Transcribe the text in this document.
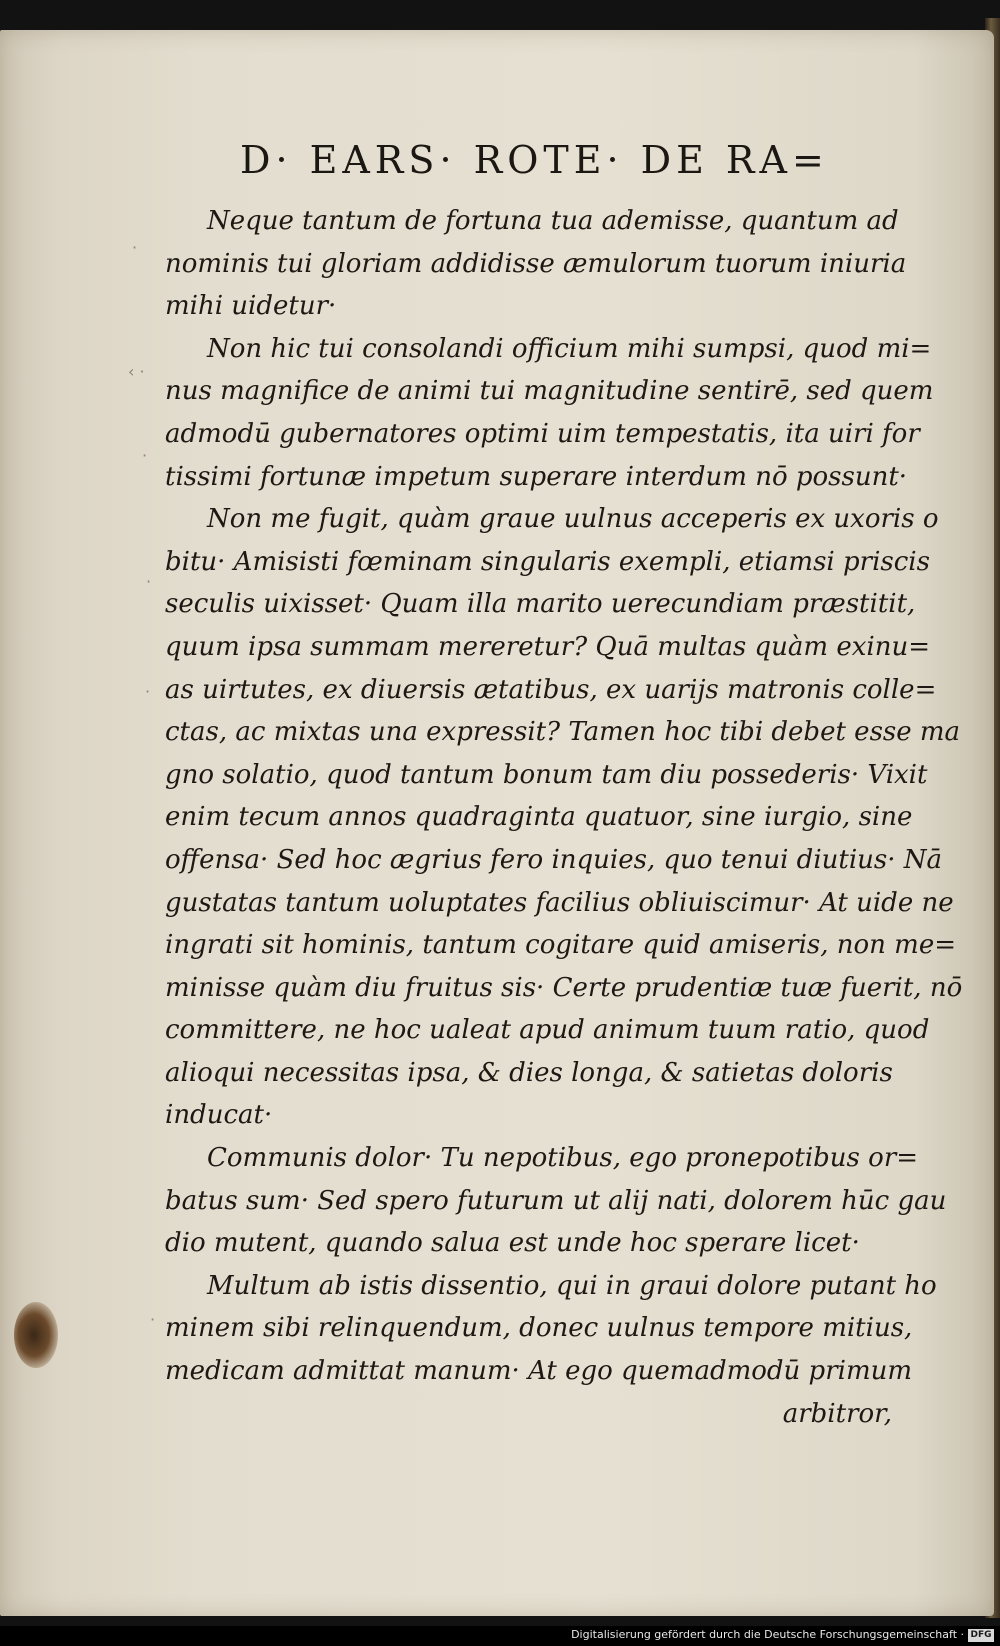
·
‹ ·
·
·
·
·
D· EARS· ROTE· DE RA=
Neque tantum de fortuna tua ademisse, quantum ad
nominis tui gloriam addidisse æmulorum tuorum iniuria
mihi uidetur·
Non hic tui consolandi officium mihi sumpsi, quod mi=
nus magnifice de animi tui magnitudine sentirē, sed quem
admodū gubernatores optimi uim tempestatis, ita uiri for
tissimi fortunæ impetum superare interdum nō possunt·
Non me fugit, quàm graue uulnus acceperis ex uxoris o
bitu· Amisisti fœminam singularis exempli, etiamsi priscis
seculis uixisset· Quam illa marito uerecundiam præstitit,
quum ipsa summam mereretur? Quā multas quàm exinu=
as uirtutes, ex diuersis ætatibus, ex uarijs matronis colle=
ctas, ac mixtas una expressit? Tamen hoc tibi debet esse ma
gno solatio, quod tantum bonum tam diu possederis· Vixit
enim tecum annos quadraginta quatuor, sine iurgio, sine
offensa· Sed hoc ægrius fero inquies, quo tenui diutius· Nā
gustatas tantum uoluptates facilius obliuiscimur· At uide ne
ingrati sit hominis, tantum cogitare quid amiseris, non me=
minisse quàm diu fruitus sis· Certe prudentiæ tuæ fuerit, nō
committere, ne hoc ualeat apud animum tuum ratio, quod
alioqui necessitas ipsa, & dies longa, & satietas doloris
inducat·
Communis dolor· Tu nepotibus, ego pronepotibus or=
batus sum· Sed spero futurum ut alij nati, dolorem hūc gau
dio mutent, quando salua est unde hoc sperare licet·
Multum ab istis dissentio, qui in graui dolore putant ho
minem sibi relinquendum, donec uulnus tempore mitius,
medicam admittat manum· At ego quemadmodū primum
arbitror,
Digitalisierung gefördert durch die Deutsche Forschungsgemeinschaft · DFG
